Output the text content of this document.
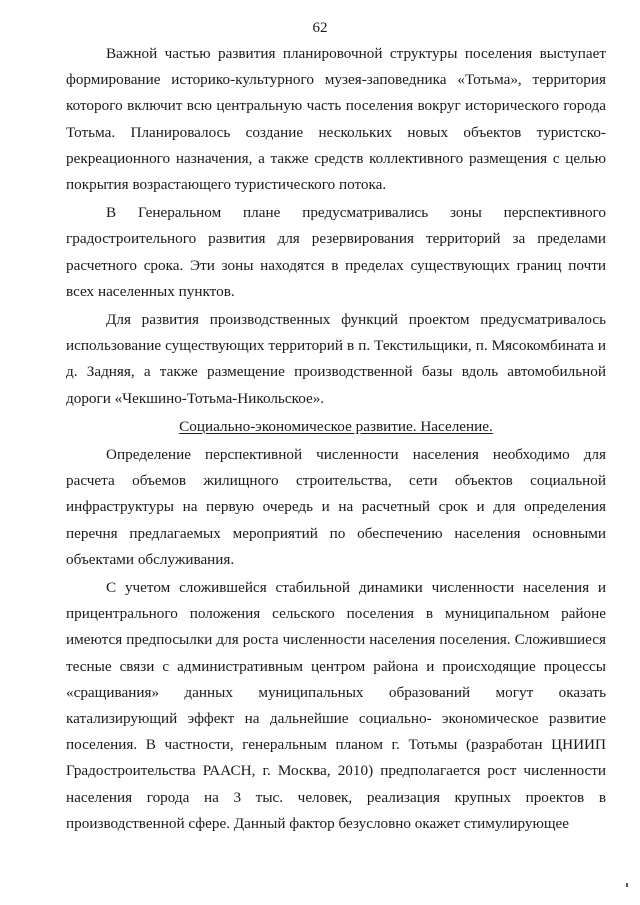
62

Важной частью развития планировочной структуры поселения выступает формирование историко-культурного музея-заповедника «Тотьма», территория которого включит всю центральную часть поселения вокруг исторического города Тотьма. Планировалось создание нескольких новых объектов туристско-рекреационного назначения, а также средств коллективного размещения с целью покрытия возрастающего туристического потока.

В Генеральном плане предусматривались зоны перспективного градостроительного развития для резервирования территорий за пределами расчетного срока. Эти зоны находятся в пределах существующих границ почти всех населенных пунктов.

Для развития производственных функций проектом предусматривалось использование существующих территорий в п. Текстильщики, п. Мясокомбината и д. Задняя, а также размещение производственной базы вдоль автомобильной дороги «Чекшино-Тотьма-Никольское».

Социально-экономическое развитие. Население.

Определение перспективной численности населения необходимо для расчета объемов жилищного строительства, сети объектов социальной инфраструктуры на первую очередь и на расчетный срок и для определения перечня предлагаемых мероприятий по обеспечению населения основными объектами обслуживания.

С учетом сложившейся стабильной динамики численности населения и прицентрального положения сельского поселения в муниципальном районе имеются предпосылки для роста численности населения поселения. Сложившиеся тесные связи с административным центром района и происходящие процессы «сращивания» данных муниципальных образований могут оказать катализирующий эффект на дальнейшие социально- экономическое развитие поселения. В частности, генеральным планом г. Тотьмы (разработан ЦНИИП Градостроительства РААСН, г. Москва, 2010) предполагается рост численности населения города на 3 тыс. человек, реализация крупных проектов в производственной сфере. Данный фактор безусловно окажет стимулирующее
